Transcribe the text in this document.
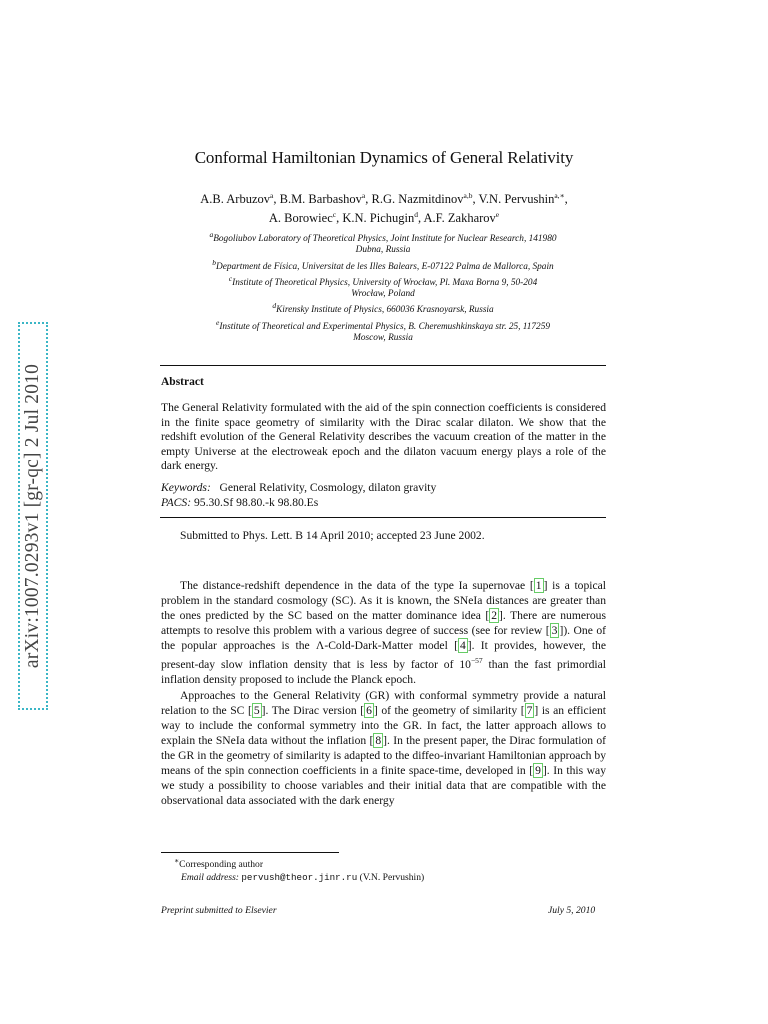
arXiv:1007.0293v1 [gr-qc] 2 Jul 2010
Conformal Hamiltonian Dynamics of General Relativity
A.B. Arbuzov$^a$, B.M. Barbashov$^a$, R.G. Nazmitdinov$^{a,b}$, V.N. Pervushin$^{a,∗}$,
A. Borowiec$^c$, K.N. Pichugin$^d$, A.F. Zakharov$^e$
$^a$Bogoliubov Laboratory of Theoretical Physics, Joint Institute for Nuclear Research, 141980
Dubna, Russia
$^b$Department de Física, Universitat de les Illes Balears, E-07122 Palma de Mallorca, Spain
$^c$Institute of Theoretical Physics, University of Wrocław, Pl. Maxa Borna 9, 50-204
Wrocław, Poland
$^d$Kirensky Institute of Physics, 660036 Krasnoyarsk, Russia
$^e$Institute of Theoretical and Experimental Physics, B. Cheremushkinskaya str. 25, 117259
Moscow, Russia
Abstract
The General Relativity formulated with the aid of the spin connection coefficients is considered in the finite space geometry of similarity with the Dirac scalar dilaton. We show that the redshift evolution of the General Relativity describes the vacuum creation of the matter in the empty Universe at the electroweak epoch and the dilaton vacuum energy plays a role of the dark energy.
Keywords: General Relativity, Cosmology, dilaton gravity
PACS: 95.30.Sf 98.80.-k 98.80.Es
Submitted to Phys. Lett. B 14 April 2010; accepted 23 June 2002.

The distance-redshift dependence in the data of the type Ia supernovae [ 1 ] is a topical problem in the standard cosmology (SC). As it is known, the SNeIa distances are greater than the ones predicted by the SC based on the matter dominance idea [ 2 ]. There are numerous attempts to resolve this problem with a various degree of success (see for review [ 3 ]). One of the popular approaches is the Λ-Cold-Dark-Matter model [ 4 ]. It provides, however, the present-day slow inflation density that is less by factor of $10^{-57}$ than the fast primordial inflation density proposed to include the Planck epoch.

Approaches to the General Relativity (GR) with conformal symmetry provide a natural relation to the SC [ 5 ]. The Dirac version [ 6 ] of the geometry of similarity [ 7 ] is an efficient way to include the conformal symmetry into the GR. In fact, the latter approach allows to explain the SNeIa data without the inflation [ 8 ]. In the present paper, the Dirac formulation of the GR in the geometry of similarity is adapted to the diffeo-invariant Hamiltonian approach by means of the spin connection coefficients in a finite space-time, developed in [ 9 ]. In this way we study a possibility to choose variables and their initial data that are compatible with the observational data associated with the dark energy

∗Corresponding author
Email address: pervush@theor.jinr.ru (V.N. Pervushin)
Preprint submitted to Elsevier	July 5, 2010
